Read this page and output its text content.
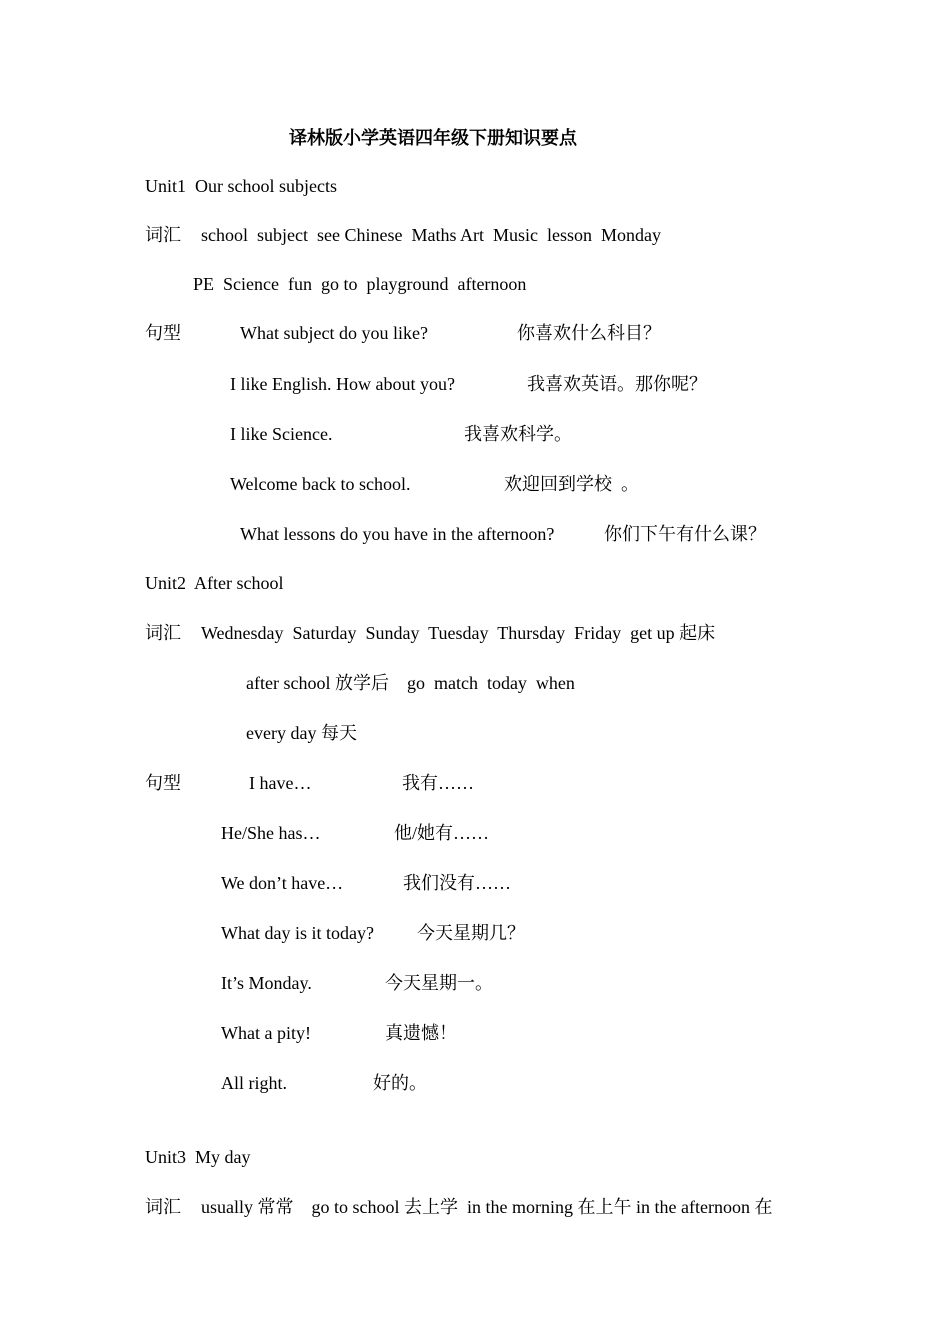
译林版小学英语四年级下册知识要点
Unit1  Our school subjects
词汇 school  subject  see Chinese  Maths Art  Music  lesson  Monday
PE  Science  fun  go to  playground  afternoon
句型	What subject do you like?	你喜欢什么科目？
I like English. How about you?	我喜欢英语。那你呢？
I like Science.	我喜欢科学。
Welcome back to school.	欢迎回到学校  。
What lessons do you have in the afternoon?	你们下午有什么课？
Unit2  After school
词汇 Wednesday  Saturday  Sunday  Tuesday  Thursday  Friday  get up 起床
after school 放学后    go  match  today  when
every day 每天
句型	I have…	我有……
He/She has…	他/她有……
We don’t have…	我们没有……
What day is it today? 今天星期几？
It’s Monday.	今天星期一。
What a pity!	真遗憾！
All right.	好的。
Unit3  My day
词汇 usually 常常    go to school 去上学  in the morning 在上午 in the afternoon 在
